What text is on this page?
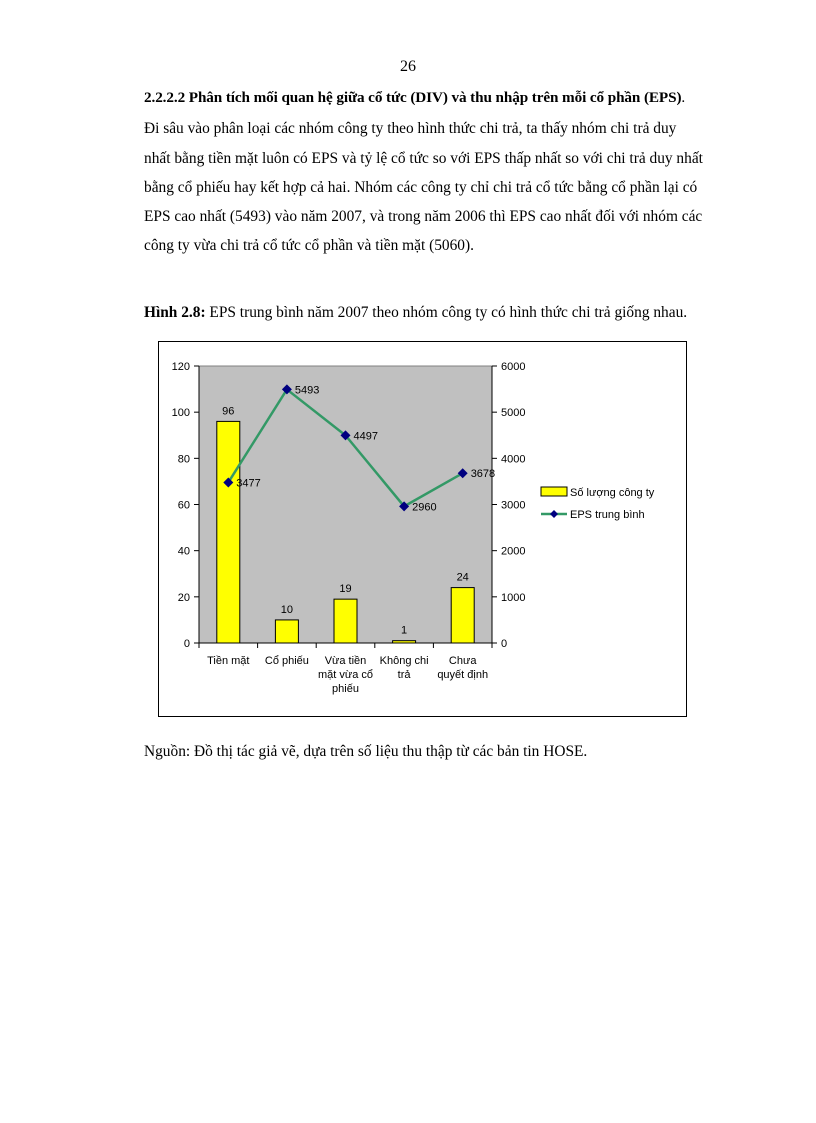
26
2.2.2.2 Phân tích mối quan hệ giữa cổ tức (DIV) và thu nhập trên mỗi cổ phần (EPS).
Đi sâu vào phân loại các nhóm công ty theo hình thức chi trả, ta thấy nhóm chi trả duy
nhất bằng tiền mặt luôn có EPS và tỷ lệ cổ tức so với EPS thấp nhất so với chi trả duy nhất
bằng cổ phiếu hay kết hợp cả hai. Nhóm các công ty chỉ chi trả cổ tức bằng cổ phần lại có
EPS cao nhất (5493) vào năm 2007, và trong năm 2006 thì EPS cao nhất đối với nhóm các
công ty vừa chi trả cổ tức cổ phần và tiền mặt (5060).
Hình 2.8: EPS trung bình năm 2007 theo nhóm công ty có hình thức chi trả giống nhau.
0
20
40
60
80
100
120
0
1000
2000
3000
4000
5000
6000
96
10
19
1
24
Tiền mặt Cổ phiếu Vừa tiền
mặt vừa cổ
phiếu
Không chi
trả
Chưa
quyết định
3477
5493
4497
2960
3678
Số lượng công ty
EPS trung bình
Nguồn: Đồ thị tác giả vẽ, dựa trên số liệu thu thập từ các bản tin HOSE.
